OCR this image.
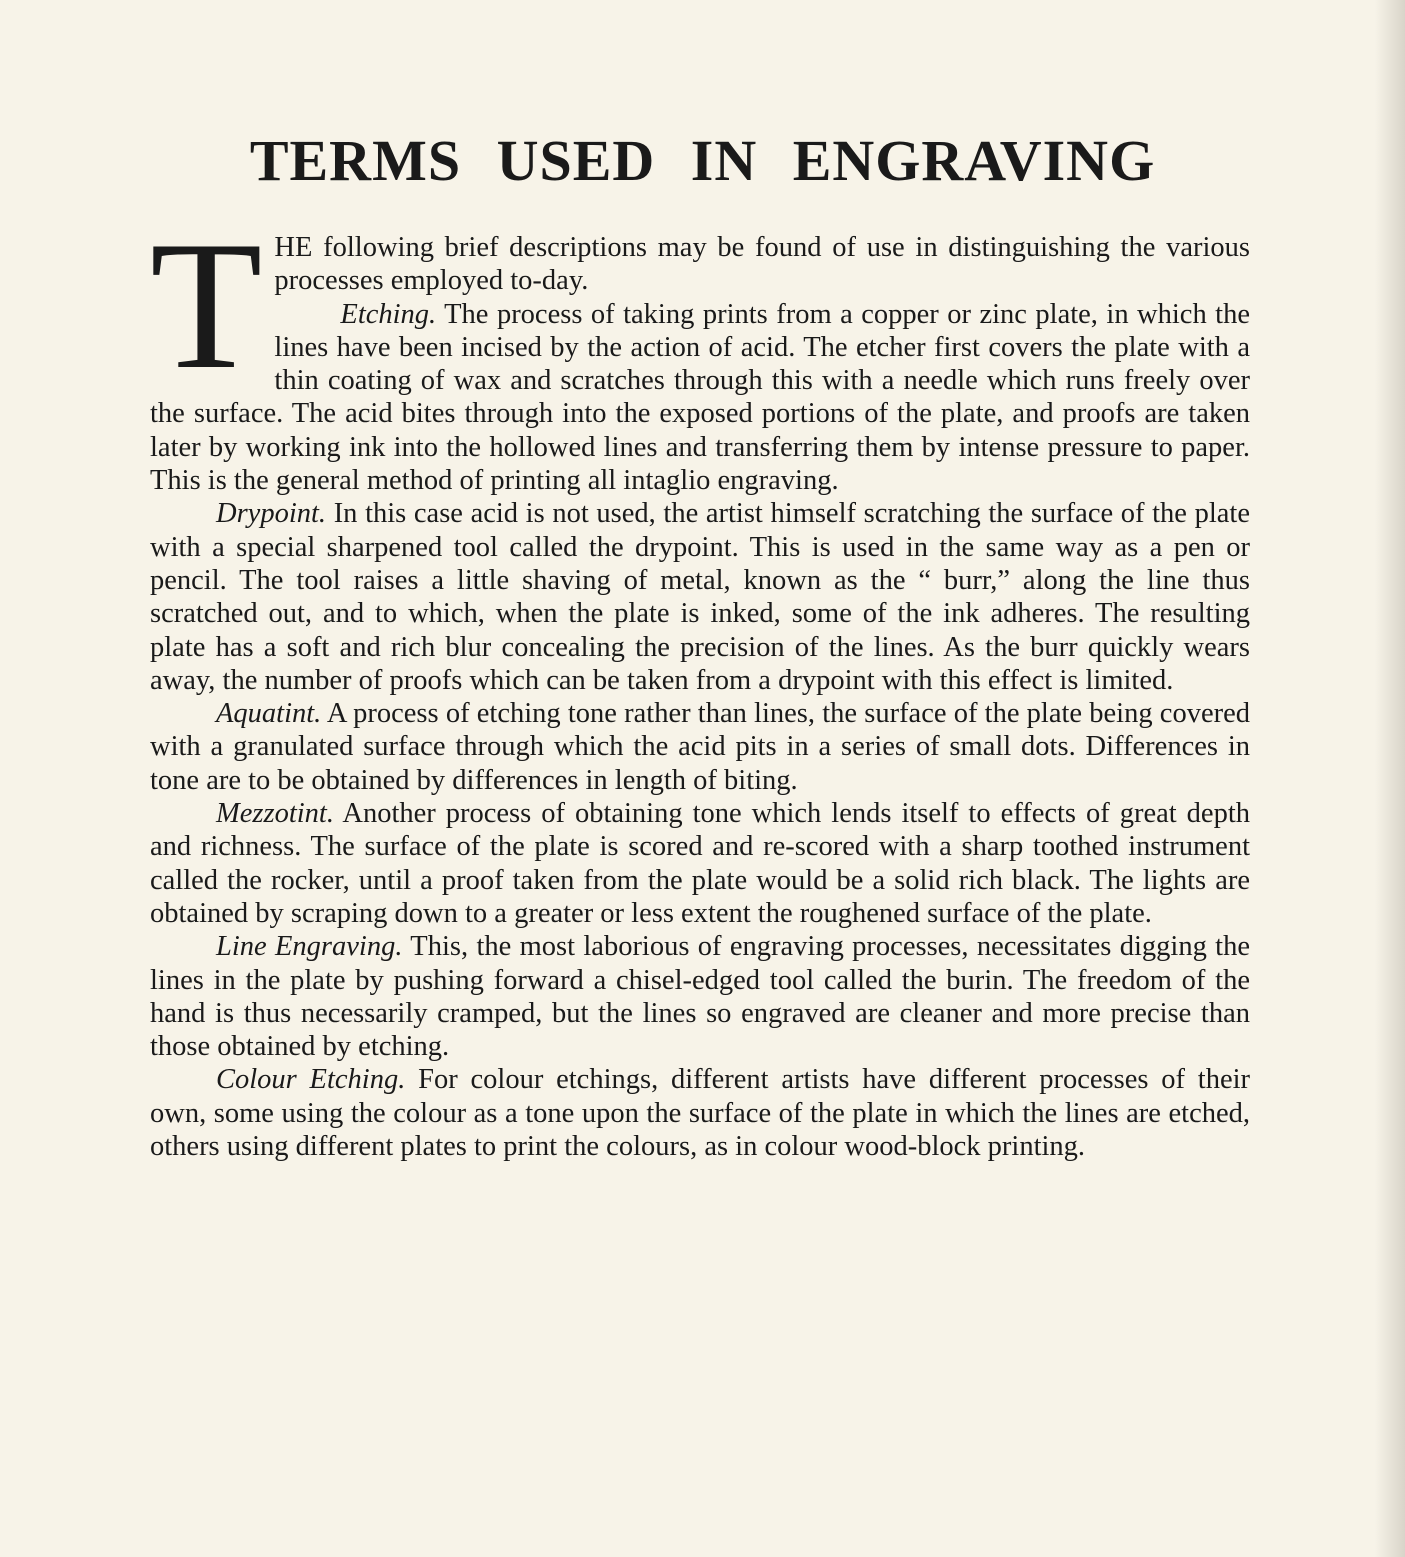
TERMS USED IN ENGRAVING
T HE following brief descriptions may be found of use in distinguishing the various processes employed to-day.

Etching. The process of taking prints from a copper or zinc plate, in which the lines have been incised by the action of acid. The etcher first covers the plate with a thin coating of wax and scratches through this with a needle which runs freely over the surface. The acid bites through into the exposed portions of the plate, and proofs are taken later by working ink into the hollowed lines and transferring them by intense pressure to paper. This is the general method of printing all intaglio engraving.

Drypoint. In this case acid is not used, the artist himself scratching the surface of the plate with a special sharpened tool called the drypoint. This is used in the same way as a pen or pencil. The tool raises a little shaving of metal, known as the “ burr,” along the line thus scratched out, and to which, when the plate is inked, some of the ink adheres. The resulting plate has a soft and rich blur concealing the precision of the lines. As the burr quickly wears away, the number of proofs which can be taken from a drypoint with this effect is limited.

Aquatint. A process of etching tone rather than lines, the surface of the plate being covered with a granulated surface through which the acid pits in a series of small dots. Differences in tone are to be obtained by differences in length of biting.

Mezzotint. Another process of obtaining tone which lends itself to effects of great depth and richness. The surface of the plate is scored and re-scored with a sharp toothed instrument called the rocker, until a proof taken from the plate would be a solid rich black. The lights are obtained by scraping down to a greater or less extent the roughened surface of the plate.

Line Engraving. This, the most laborious of engraving processes, necessitates digging the lines in the plate by pushing forward a chisel-edged tool called the burin. The freedom of the hand is thus necessarily cramped, but the lines so engraved are cleaner and more precise than those obtained by etching.

Colour Etching. For colour etchings, different artists have different processes of their own, some using the colour as a tone upon the surface of the plate in which the lines are etched, others using different plates to print the colours, as in colour wood-block printing.
